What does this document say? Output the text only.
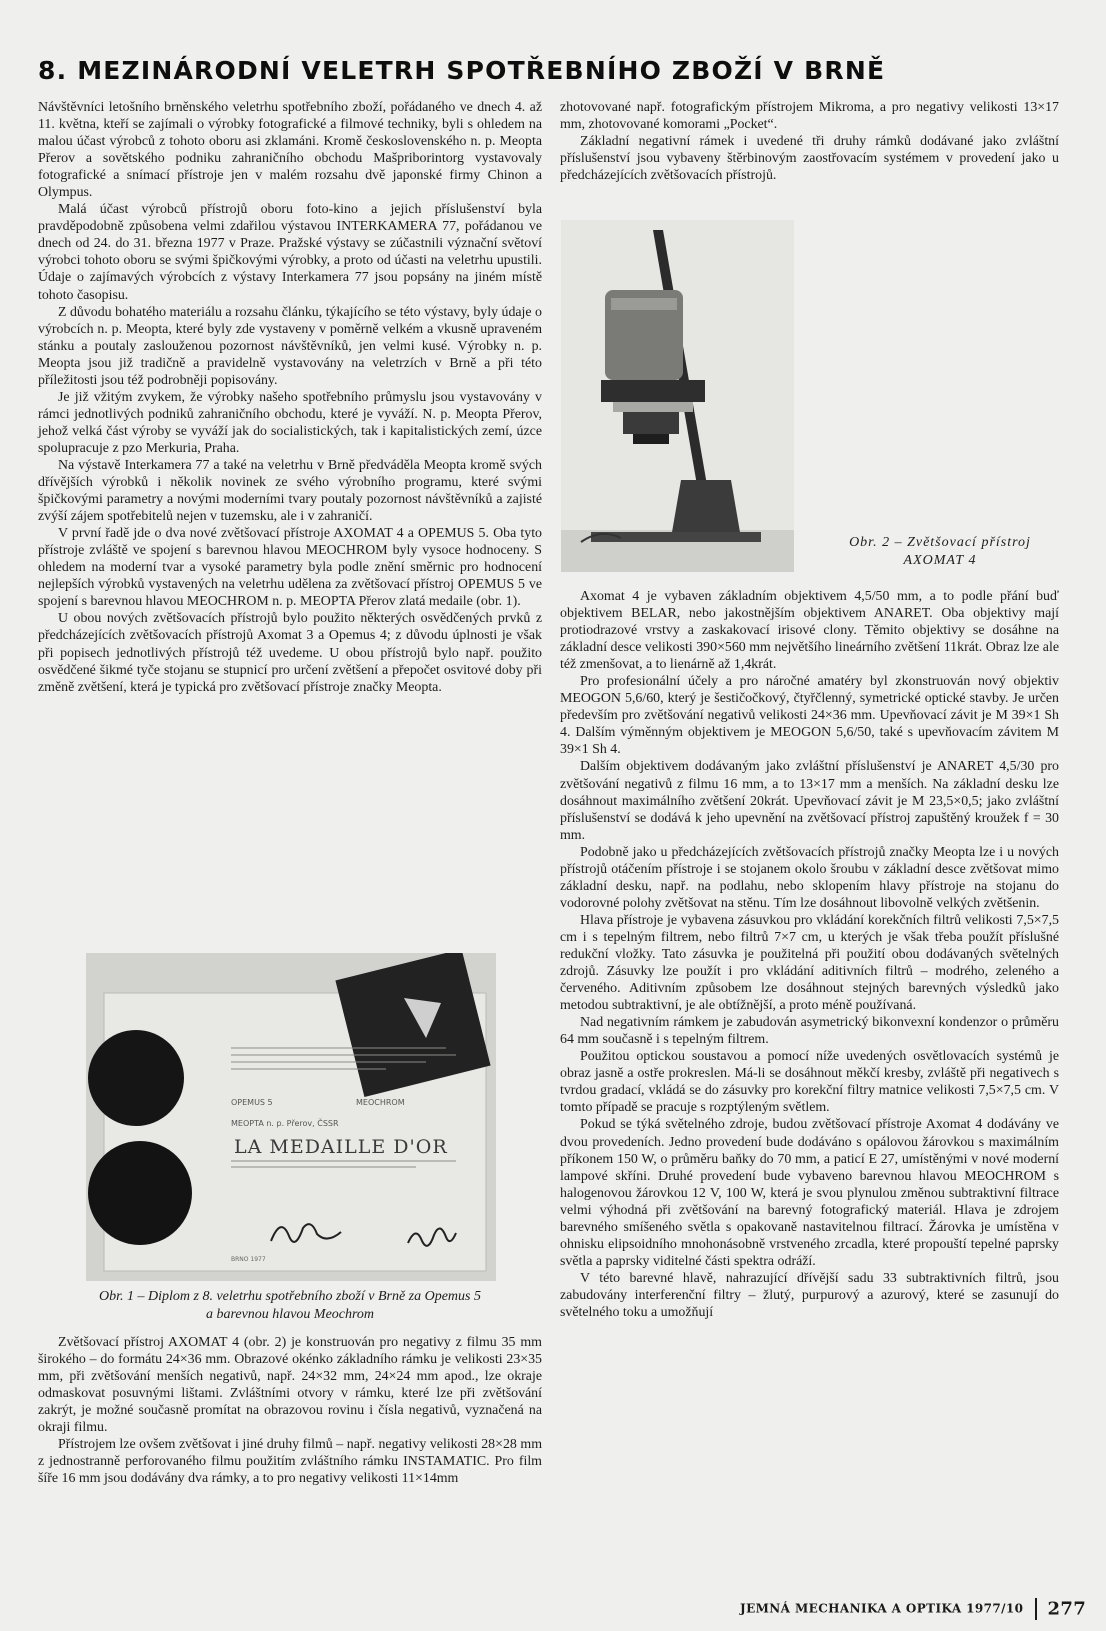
8. MEZINÁRODNÍ VELETRH SPOTŘEBNÍHO ZBOŽÍ V BRNĚ

Návštěvníci letošního brněnského veletrhu spotřebního zboží, pořádaného ve dnech 4. až 11. května, kteří se zajímali o výrobky fotografické a filmové techniky, byli s ohledem na malou účast výrobců z tohoto oboru asi zklamáni. Kromě československého n. p. Meopta Přerov a sovětského podniku zahraničního obchodu Mašpriborintorg vystavovaly fotografické a snímací přístroje jen v malém rozsahu dvě japonské firmy Chinon a Olympus.

Malá účast výrobců přístrojů oboru foto-kino a jejich příslušenství byla pravděpodobně způsobena velmi zdařilou výstavou INTERKAMERA 77, pořádanou ve dnech od 24. do 31. března 1977 v Praze. Pražské výstavy se zúčastnili význační světoví výrobci tohoto oboru se svými špičkovými výrobky, a proto od účasti na veletrhu upustili. Údaje o zajímavých výrobcích z výstavy Interkamera 77 jsou popsány na jiném místě tohoto časopisu.

Z důvodu bohatého materiálu a rozsahu článku, týkajícího se této výstavy, byly údaje o výrobcích n. p. Meopta, které byly zde vystaveny v poměrně velkém a vkusně upraveném stánku a poutaly zaslouženou pozornost návštěvníků, jen velmi kusé. Výrobky n. p. Meopta jsou již tradičně a pravidelně vystavovány na veletrzích v Brně a při této příležitosti jsou též podrobněji popisovány.

Je již vžitým zvykem, že výrobky našeho spotřebního průmyslu jsou vystavovány v rámci jednotlivých podniků zahraničního obchodu, které je vyváží. N. p. Meopta Přerov, jehož velká část výroby se vyváží jak do socialistických, tak i kapitalistických zemí, úzce spolupracuje z pzo Merkuria, Praha.

Na výstavě Interkamera 77 a také na veletrhu v Brně předváděla Meopta kromě svých dřívějších výrobků i několik novinek ze svého výrobního programu, které svými špičkovými parametry a novými moderními tvary poutaly pozornost návštěvníků a zajisté zvýší zájem spotřebitelů nejen v tuzemsku, ale i v zahraničí.

V první řadě jde o dva nové zvětšovací přístroje AXOMAT 4 a OPEMUS 5. Oba tyto přístroje zvláště ve spojení s barevnou hlavou MEOCHROM byly vysoce hodnoceny. S ohledem na moderní tvar a vysoké parametry byla podle znění směrnic pro hodnocení nejlepších výrobků vystavených na veletrhu udělena za zvětšovací přístroj OPEMUS 5 ve spojení s barevnou hlavou MEOCHROM n. p. MEOPTA Přerov zlatá medaile (obr. 1).

U obou nových zvětšovacích přístrojů bylo použito některých osvědčených prvků z předcházejících zvětšovacích přístrojů Axomat 3 a Opemus 4; z důvodu úplnosti je však při popisech jednotlivých přístrojů též uvedeme. U obou přístrojů bylo např. použito osvědčené šikmé tyče stojanu se stupnicí pro určení zvětšení a přepočet osvitové doby při změně zvětšení, která je typická pro zvětšovací přístroje značky Meopta.

OPEMUS 5	MEOCHROM
MEOPTA n. p. Přerov, ČSSR
LA MEDAILLE D'OR
BRNO 1977
Obr. 1 – Diplom z 8. veletrhu spotřebního zboží v Brně za Opemus 5
a barevnou hlavou Meochrom

Zvětšovací přístroj AXOMAT 4 (obr. 2) je konstruován pro negativy z filmu 35 mm širokého – do formátu 24×36 mm. Obrazové okénko základního rámku je velikosti 23×35 mm, při zvětšování menších negativů, např. 24×32 mm, 24×24 mm apod., lze okraje odmaskovat posuvnými lištami. Zvláštními otvory v rámku, které lze při zvětšování zakrýt, je možné současně promítat na obrazovou rovinu i čísla negativů, vyznačená na okraji filmu.

Přístrojem lze ovšem zvětšovat i jiné druhy filmů – např. negativy velikosti 28×28 mm z jednostranně perforovaného filmu použitím zvláštního rámku INSTAMATIC. Pro film šíře 16 mm jsou dodávány dva rámky, a to pro negativy velikosti 11×14mm

zhotovované např. fotografickým přístrojem Mikroma, a pro negativy velikosti 13×17 mm, zhotovované komorami „Pocket“.

Základní negativní rámek i uvedené tři druhy rámků dodávané jako zvláštní příslušenství jsou vybaveny štěrbinovým zaostřovacím systémem v provedení jako u předcházejících zvětšovacích přístrojů.

Obr. 2 – Zvětšovací přístroj
AXOMAT 4

Axomat 4 je vybaven základním objektivem 4,5/50 mm, a to podle přání buď objektivem BELAR, nebo jakostnějším objektivem ANARET. Oba objektivy mají protiodrazové vrstvy a zaskakovací irisové clony. Těmito objektivy se dosáhne na základní desce velikosti 390×560 mm největšího lineárního zvětšení 11krát. Obraz lze ale též zmenšovat, a to lienárně až 1,4krát.

Pro profesionální účely a pro náročné amatéry byl zkonstruován nový objektiv MEOGON 5,6/60, který je šestičočkový, čtyřčlenný, symetrické optické stavby. Je určen především pro zvětšování negativů velikosti 24×36 mm. Upevňovací závit je M 39×1 Sh 4. Dalším výměnným objektivem je MEOGON 5,6/50, také s upevňovacím závitem M 39×1 Sh 4.

Dalším objektivem dodávaným jako zvláštní příslušenství je ANARET 4,5/30 pro zvětšování negativů z filmu 16 mm, a to 13×17 mm a menších. Na základní desku lze dosáhnout maximálního zvětšení 20krát. Upevňovací závit je M 23,5×0,5; jako zvláštní příslušenství se dodává k jeho upevnění na zvětšovací přístroj zapuštěný kroužek f = 30 mm.

Podobně jako u předcházejících zvětšovacích přístrojů značky Meopta lze i u nových přístrojů otáčením přístroje i se stojanem okolo šroubu v základní desce zvětšovat mimo základní desku, např. na podlahu, nebo sklopením hlavy přístroje na stojanu do vodorovné polohy zvětšovat na stěnu. Tím lze dosáhnout libovolně velkých zvětšenin.

Hlava přístroje je vybavena zásuvkou pro vkládání korekčních filtrů velikosti 7,5×7,5 cm i s tepelným filtrem, nebo filtrů 7×7 cm, u kterých je však třeba použít příslušné redukční vložky. Tato zásuvka je použitelná při použití obou dodávaných světelných zdrojů. Zásuvky lze použít i pro vkládání aditivních filtrů – modrého, zeleného a červeného. Aditivním způsobem lze dosáhnout stejných barevných výsledků jako metodou subtraktivní, je ale obtížnější, a proto méně používaná.

Nad negativním rámkem je zabudován asymetrický bikonvexní kondenzor o průměru 64 mm současně i s tepelným filtrem.

Použitou optickou soustavou a pomocí níže uvedených osvětlovacích systémů je obraz jasně a ostře prokreslen. Má-li se dosáhnout měkčí kresby, zvláště při negativech s tvrdou gradací, vkládá se do zásuvky pro korekční filtry matnice velikosti 7,5×7,5 cm. V tomto případě se pracuje s rozptýleným světlem.

Pokud se týká světelného zdroje, budou zvětšovací přístroje Axomat 4 dodávány ve dvou provedeních. Jedno provedení bude dodáváno s opálovou žárovkou s maximálním příkonem 150 W, o průměru baňky do 70 mm, a paticí E 27, umístěnými v nové moderní lampové skříni. Druhé provedení bude vybaveno barevnou hlavou MEOCHROM s halogenovou žárovkou 12 V, 100 W, která je svou plynulou změnou subtraktivní filtrace velmi výhodná při zvětšování na barevný fotografický materiál. Hlava je zdrojem barevného smíšeného světla s opakovaně nastavitelnou filtrací. Žárovka je umístěna v ohnisku elipsoidního mnohonásobně vrstveného zrcadla, které propouští tepelné paprsky světla a paprsky viditelné části spektra odráží.

V této barevné hlavě, nahrazující dřívější sadu 33 subtraktivních filtrů, jsou zabudovány interferenční filtry – žlutý, purpurový a azurový, které se zasunují do světelného toku a umožňují

JEMNÁ MECHANIKA A OPTIKA 1977/10 277
